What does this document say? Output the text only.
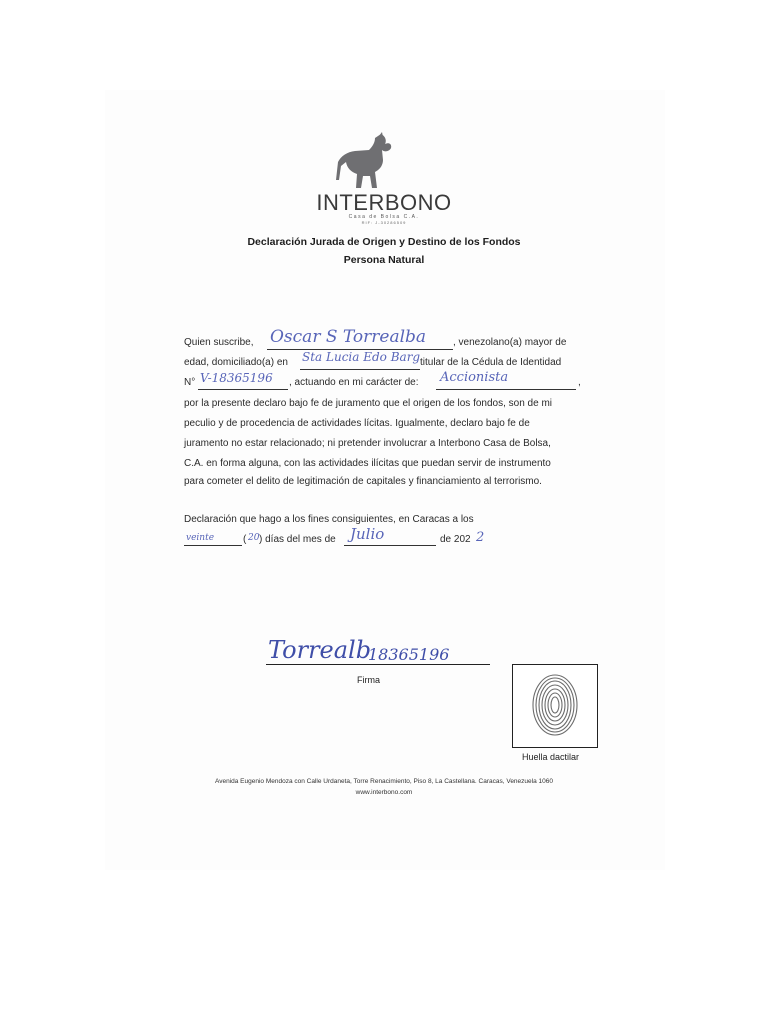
INTERBONO
Casa de Bolsa C.A.
RIF: J-30286509
Declaración Jurada de Origen y Destino de los Fondos
Persona Natural
Quien suscribe, Oscar S Torrealba	, venezolano(a) mayor de
edad, domiciliado(a) en Sta Lucia Edo Barg titular de la Cédula de Identidad
N° V-18365196 , actuando en mi carácter de: Accionista	,
por la presente declaro bajo fe de juramento que el origen de los fondos, son de mi
peculio y de procedencia de actividades lícitas. Igualmente, declaro bajo fe de
juramento no estar relacionado; ni pretender involucrar a Interbono Casa de Bolsa,
C.A. en forma alguna, con las actividades ilícitas que puedan servir de instrumento
para cometer el delito de legitimación de capitales y financiamiento al terrorismo.
Declaración que hago a los fines consiguientes, en Caracas a los
veinte	( 20 ) días del mes de Julio	de 202 2
Torrealb
18365196
Firma
Huella dactilar
Avenida Eugenio Mendoza con Calle Urdaneta, Torre Renacimiento, Piso 8, La Castellana. Caracas, Venezuela 1060
www.interbono.com
